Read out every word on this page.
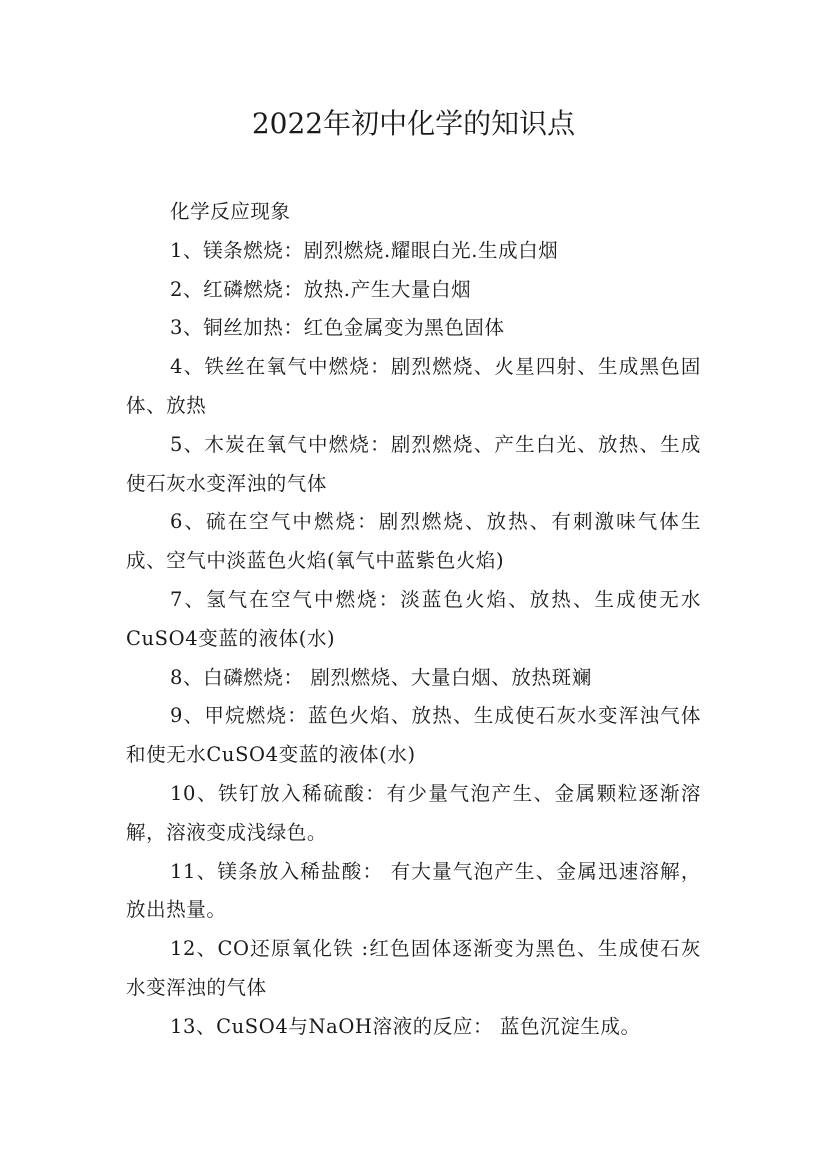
2022年初中化学的知识点

化学反应现象

1、镁条燃烧：剧烈燃烧.耀眼白光.生成白烟

2、红磷燃烧：放热.产生大量白烟

3、铜丝加热：红色金属变为黑色固体

4、铁丝在氧气中燃烧：剧烈燃烧、火星四射、生成黑色固体、放热

5、木炭在氧气中燃烧：剧烈燃烧、产生白光、放热、生成使石灰水变浑浊的气体

6、硫在空气中燃烧：剧烈燃烧、放热、有刺激味气体生成、空气中淡蓝色火焰(氧气中蓝紫色火焰)

7、氢气在空气中燃烧：淡蓝色火焰、放热、生成使无水CuSO4变蓝的液体(水)

8、白磷燃烧： 剧烈燃烧、大量白烟、放热斑斓

9、甲烷燃烧：蓝色火焰、放热、生成使石灰水变浑浊气体和使无水CuSO4变蓝的液体(水)

10、铁钉放入稀硫酸：有少量气泡产生、金属颗粒逐渐溶解，溶液变成浅绿色。

11、镁条放入稀盐酸： 有大量气泡产生、金属迅速溶解，放出热量。

12、CO还原氧化铁 :红色固体逐渐变为黑色、生成使石灰水变浑浊的气体

13、CuSO4与NaOH溶液的反应： 蓝色沉淀生成。
